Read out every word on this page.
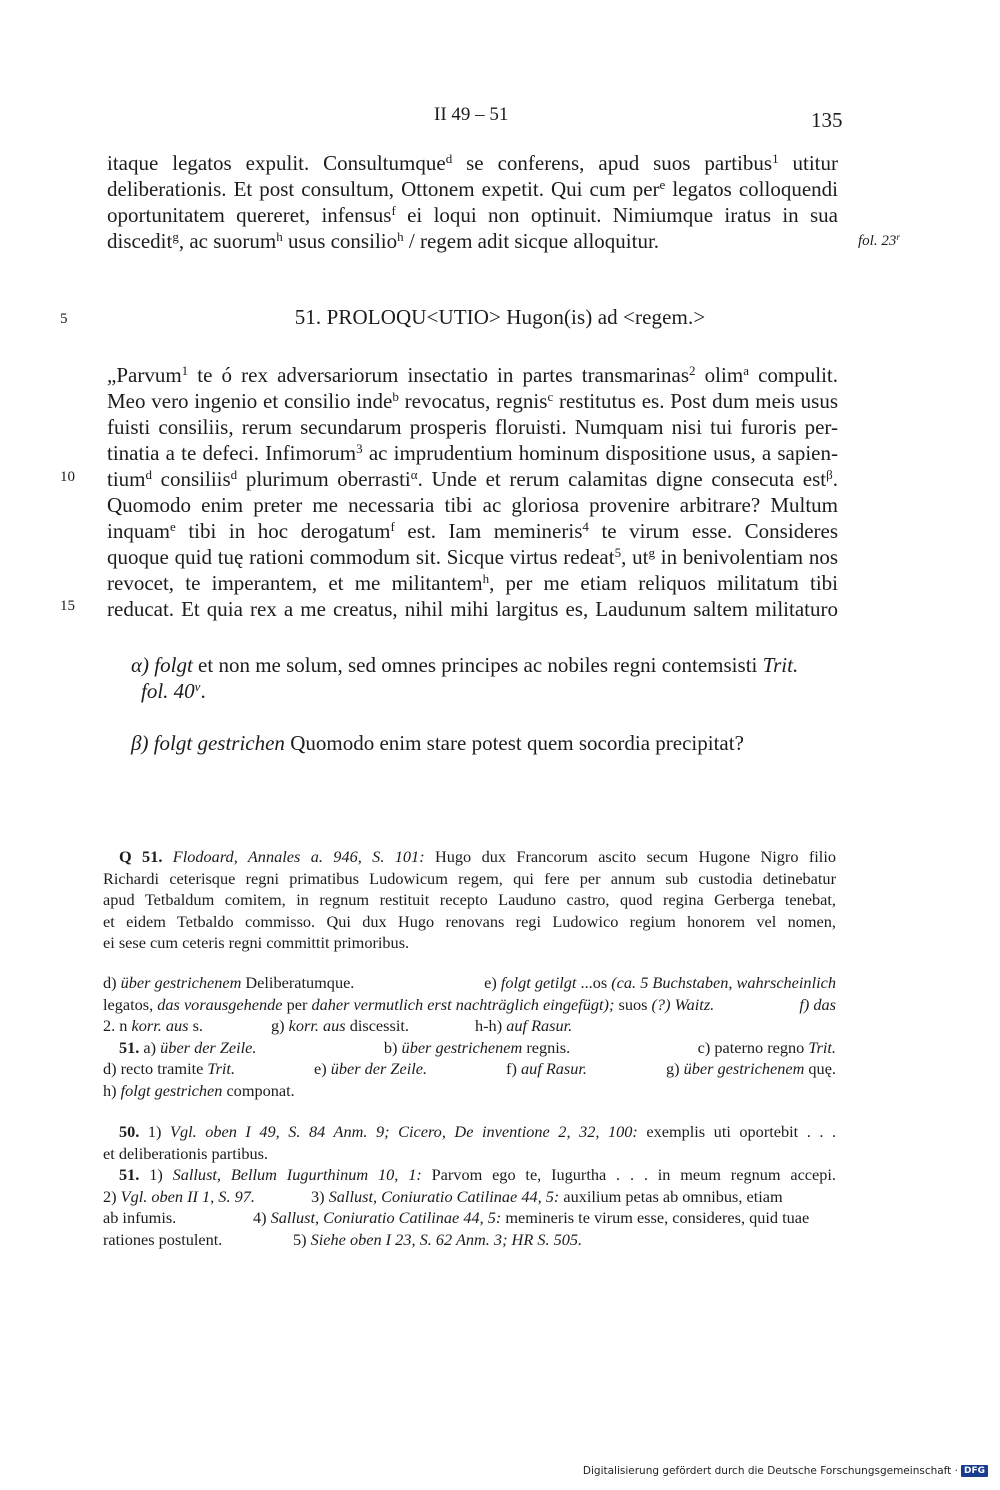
II 49 – 51	135

itaque legatos expulit. Consultumque$^d$ se conferens, apud suos partibus$^1$ utitur

deliberationis. Et post consultum, Ottonem expetit. Qui cum per$^e$ legatos colloquendi

oportunitatem quereret, infensus$^f$ ei loqui non optinuit. Nimiumque iratus in sua

discedit$^g$, ac suorum$^h$ usus consilio$^h$ / regem adit sicque alloquitur.	fol. 23$^r$
5
10
15
51. PROLOQU<UTIO> Hugon(is) ad <regem.>

„Parvum$^1$ te ó rex adversariorum insectatio in partes transmarinas$^2$ olim$^a$ compulit.

Meo vero ingenio et consilio inde$^b$ revocatus, regnis$^c$ restitutus es. Post dum meis usus

fuisti consiliis, rerum secundarum prosperis floruisti. Numquam nisi tui furoris per-

tinatia a te defeci. Infimorum$^3$ ac imprudentium hominum dispositione usus, a sapien-

tium$^d$ consiliis$^d$ plurimum oberrasti$^\alpha$. Unde et rerum calamitas digne consecuta est$^\beta$.

Quomodo enim preter me necessaria tibi ac gloriosa provenire arbitrare? Multum

inquam$^e$ tibi in hoc derogatum$^f$ est. Iam memineris$^4$ te virum esse. Consideres

quoque quid tuę rationi commodum sit. Sicque virtus redeat$^5$, $ut^g$ in benivolentiam nos

revocet, te imperantem, et me militantem$^h$, per me etiam reliquos militatum tibi

reducat. Et quia rex a me creatus, nihil mihi largitus es, Laudunum saltem militaturo

α) folgt et non me solum, sed omnes principes ac nobiles regni contemsisti Trit.

fol. 40$^v$.

β) folgt gestrichen Quomodo enim stare potest quem socordia precipitat?

Q 51. Flodoard, Annales a. 946, S. 101: Hugo dux Francorum ascito secum Hugone Nigro filio

Richardi ceterisque regni primatibus Ludowicum regem, qui fere per annum sub custodia detinebatur

apud Tetbaldum comitem, in regnum restituit recepto Lauduno castro, quod regina Gerberga tenebat,

et eidem Tetbaldo commisso. Qui dux Hugo renovans regi Ludowico regium honorem vel nomen,

ei sese cum ceteris regni committit primoribus.

d) über gestrichenem Deliberatumque.	e) folgt getilgt ...os (ca. 5 Buchstaben, wahrscheinlich

legatos, das vorausgehende per daher vermutlich erst nachträglich eingefügt); suos (?) Waitz.	f) das

2. n korr. aus s.	g) korr. aus discessit.	h-h) auf Rasur.

51. a) über der Zeile.	b) über gestrichenem regnis.	c) paterno regno Trit.

d) recto tramite Trit.	e) über der Zeile.	f) auf Rasur.	g) über gestrichenem quę.

h) folgt gestrichen componat.

50. 1) Vgl. oben I 49, S. 84 Anm. 9; Cicero, De inventione 2, 32, 100: exemplis uti oportebit . . .

et deliberationis partibus.

51. 1) Sallust, Bellum Iugurthinum 10, 1: Parvom ego te, Iugurtha . . . in meum regnum accepi.

2) Vgl. oben II 1, S. 97.	3) Sallust, Coniuratio Catilinae 44, 5: auxilium petas ab omnibus, etiam

ab infumis.	4) Sallust, Coniuratio Catilinae 44, 5: memineris te virum esse, consideres, quid tuae

rationes postulent.	5) Siehe oben I 23, S. 62 Anm. 3; HR S. 505.

Digitalisierung gefördert durch die Deutsche Forschungsgemeinschaft · DFG
